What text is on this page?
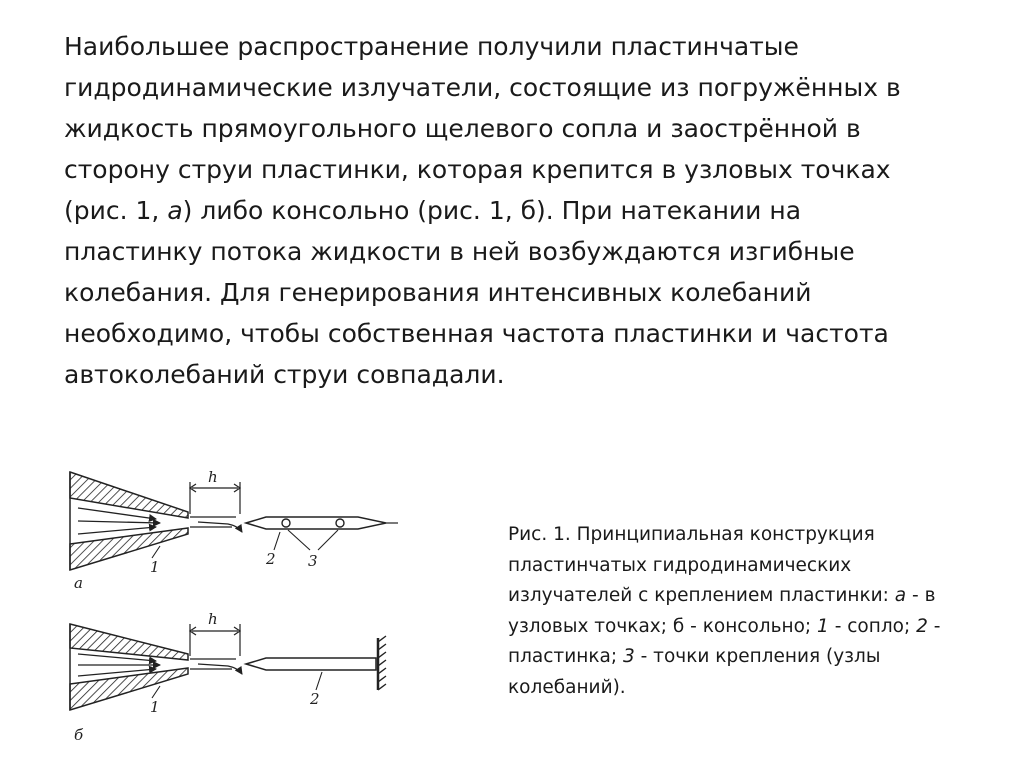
Наибольшее распространение получили пластинчатые
гидродинамические излучатели, состоящие из погружённых в
жидкость прямоугольного щелевого сопла и заострённой в
сторону струи пластинки, которая крепится в узловых точках
(рис. 1, а) либо консольно (рис. 1, б). При натекании на
пластинку потока жидкости в ней возбуждаются изгибные
колебания. Для генерирования интенсивных колебаний
необходимо, чтобы собственная частота пластинки и частота
автоколебаний струи совпадали.
h
1	2 3
а
h
1	2
б
Рис. 1. Принципиальная конструкция
пластинчатых гидродинамических
излучателей с креплением пластинки: а - в
узловых точках; б - консольно; 1 - сопло; 2 -
пластинка; 3 - точки крепления (узлы
колебаний).
